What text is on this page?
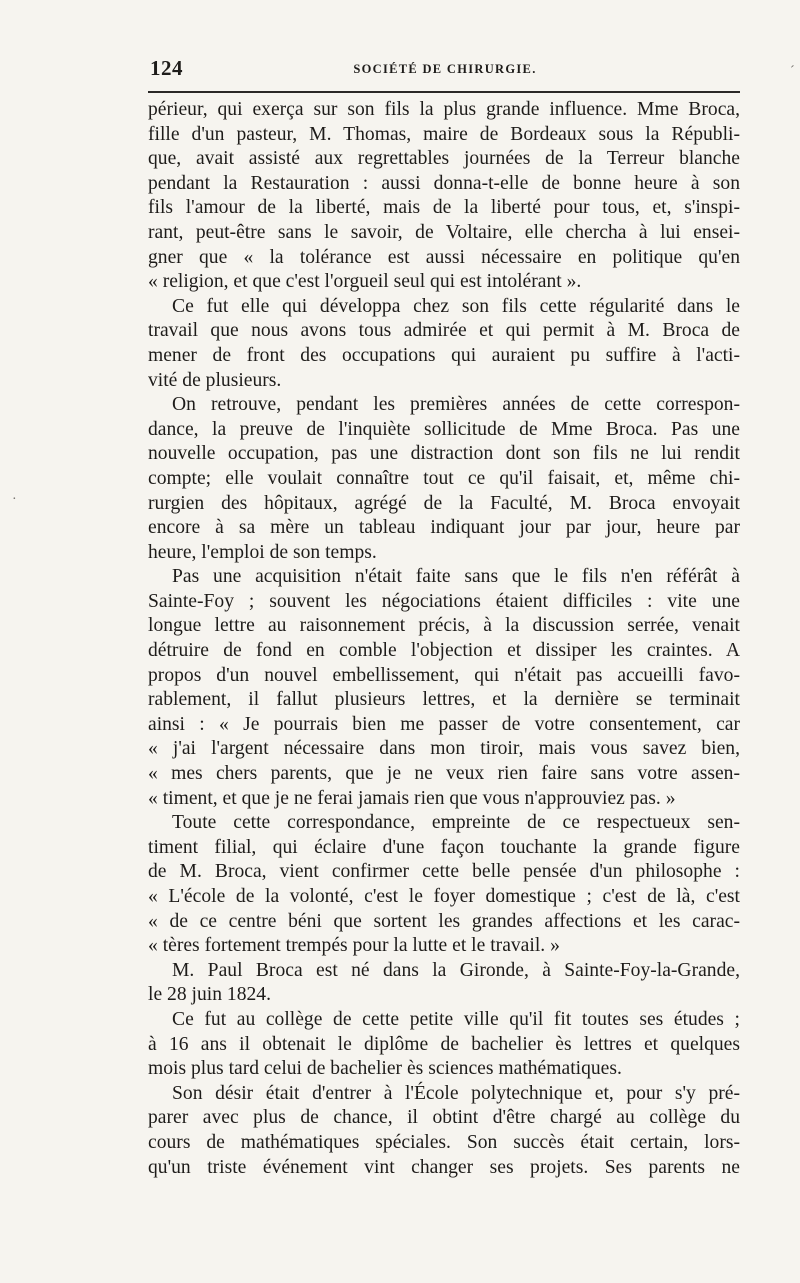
124	SOCIÉTÉ DE CHIRURGIE.
périeur, qui exerça sur son fils la plus grande influence. Mme Broca,
fille d'un pasteur, M. Thomas, maire de Bordeaux sous la Républi-
que, avait assisté aux regrettables journées de la Terreur blanche
pendant la Restauration : aussi donna-t-elle de bonne heure à son
fils l'amour de la liberté, mais de la liberté pour tous, et, s'inspi-
rant, peut-être sans le savoir, de Voltaire, elle chercha à lui ensei-
gner que « la tolérance est aussi nécessaire en politique qu'en
« religion, et que c'est l'orgueil seul qui est intolérant ».
Ce fut elle qui développa chez son fils cette régularité dans le
travail que nous avons tous admirée et qui permit à M. Broca de
mener de front des occupations qui auraient pu suffire à l'acti-
vité de plusieurs.
On retrouve, pendant les premières années de cette correspon-
dance, la preuve de l'inquiète sollicitude de Mme Broca. Pas une
nouvelle occupation, pas une distraction dont son fils ne lui rendit
compte; elle voulait connaître tout ce qu'il faisait, et, même chi-
rurgien des hôpitaux, agrégé de la Faculté, M. Broca envoyait
encore à sa mère un tableau indiquant jour par jour, heure par
heure, l'emploi de son temps.
Pas une acquisition n'était faite sans que le fils n'en référât à
Sainte-Foy ; souvent les négociations étaient difficiles : vite une
longue lettre au raisonnement précis, à la discussion serrée, venait
détruire de fond en comble l'objection et dissiper les craintes. A
propos d'un nouvel embellissement, qui n'était pas accueilli favo-
rablement, il fallut plusieurs lettres, et la dernière se terminait
ainsi : « Je pourrais bien me passer de votre consentement, car
« j'ai l'argent nécessaire dans mon tiroir, mais vous savez bien,
« mes chers parents, que je ne veux rien faire sans votre assen-
« timent, et que je ne ferai jamais rien que vous n'approuviez pas. »
Toute cette correspondance, empreinte de ce respectueux sen-
timent filial, qui éclaire d'une façon touchante la grande figure
de M. Broca, vient confirmer cette belle pensée d'un philosophe :
« L'école de la volonté, c'est le foyer domestique ; c'est de là, c'est
« de ce centre béni que sortent les grandes affections et les carac-
« tères fortement trempés pour la lutte et le travail. »
M. Paul Broca est né dans la Gironde, à Sainte-Foy-la-Grande,
le 28 juin 1824.
Ce fut au collège de cette petite ville qu'il fit toutes ses études ;
à 16 ans il obtenait le diplôme de bachelier ès lettres et quelques
mois plus tard celui de bachelier ès sciences mathématiques.
Son désir était d'entrer à l'École polytechnique et, pour s'y pré-
parer avec plus de chance, il obtint d'être chargé au collège du
cours de mathématiques spéciales. Son succès était certain, lors-
qu'un triste événement vint changer ses projets. Ses parents ne
´
·
